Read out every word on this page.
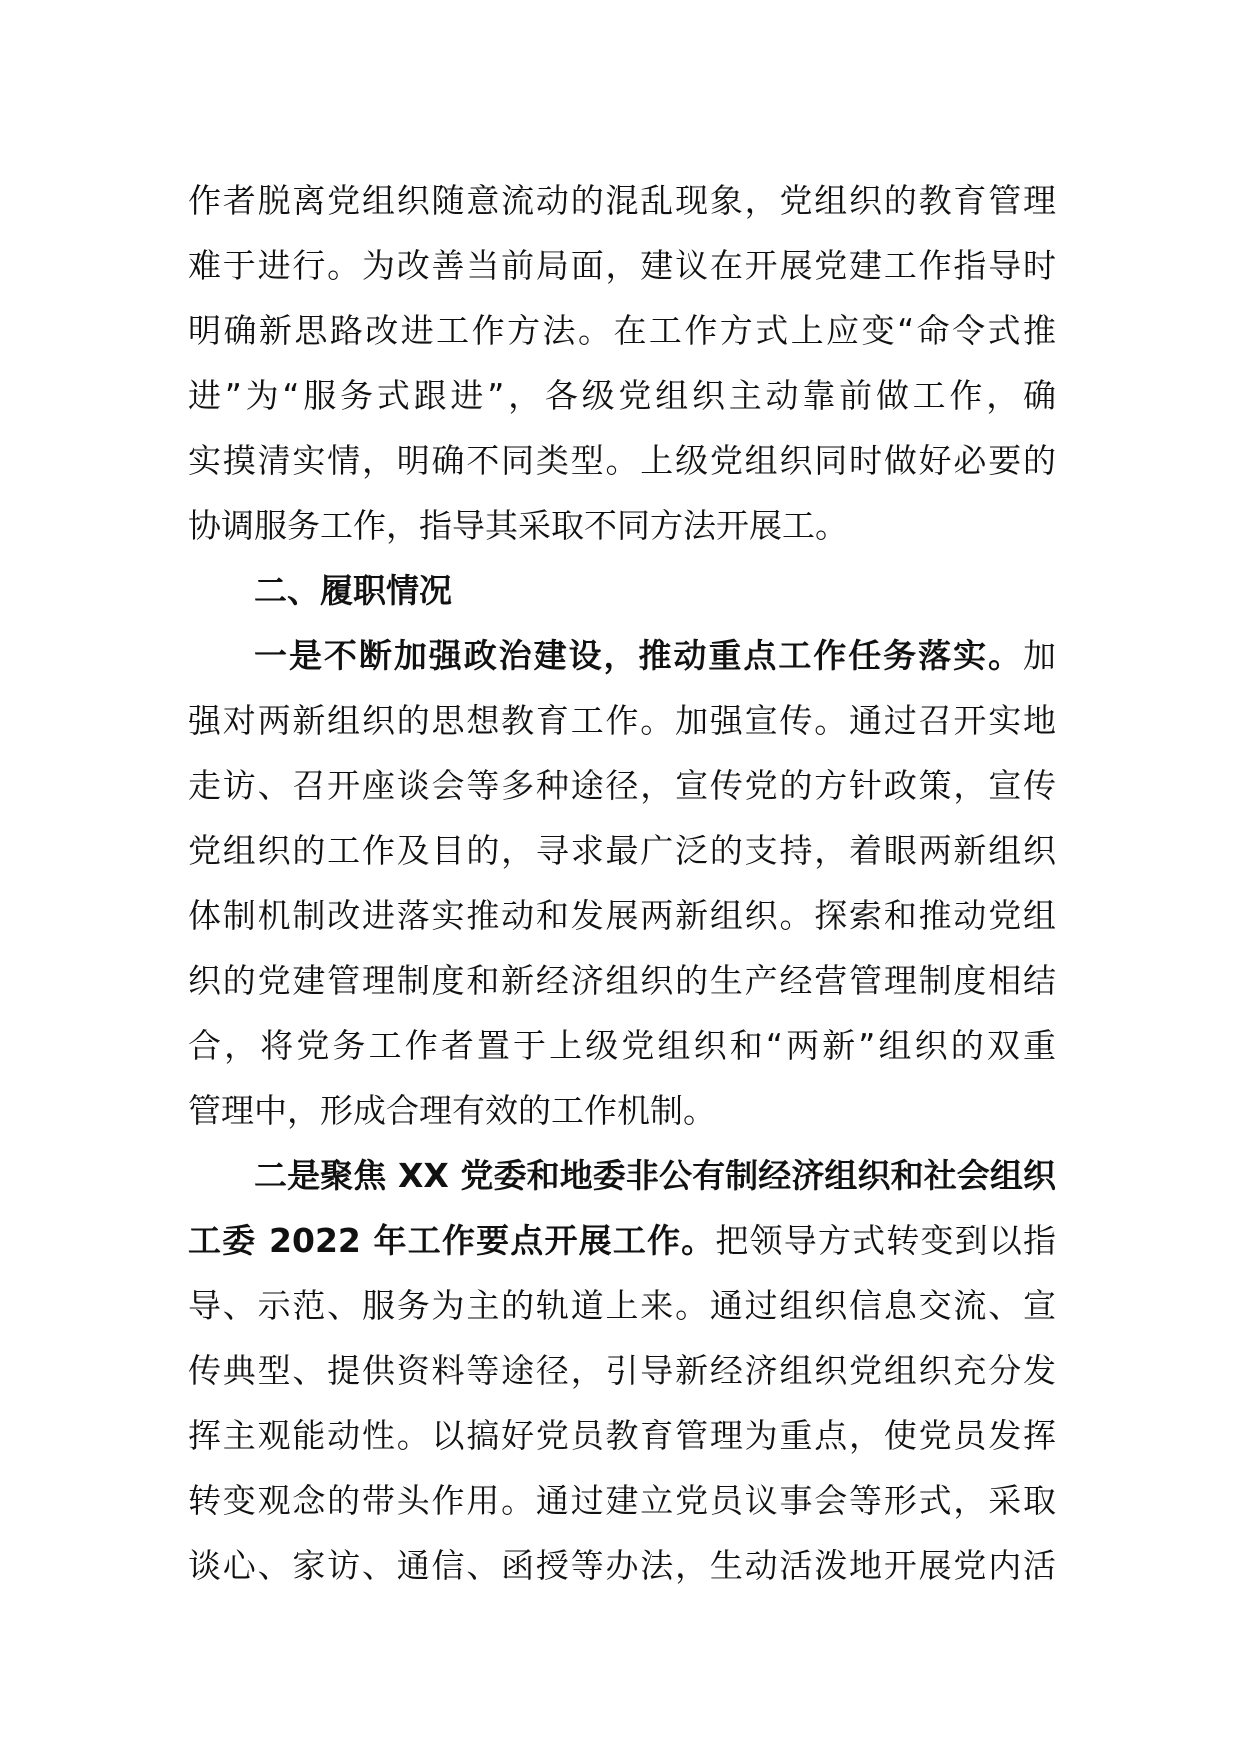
作者脱离党组织随意流动的混乱现象，党组织的教育管理
难于进行。为改善当前局面，建议在开展党建工作指导时
明确新思路改进工作方法。在工作方式上应变“命令式推
进”为“服务式跟进”，各级党组织主动靠前做工作，确
实摸清实情，明确不同类型。上级党组织同时做好必要的
协调服务工作，指导其采取不同方法开展工。
二、履职情况
一是不断加强政治建设，推动重点工作任务落实。加
强对两新组织的思想教育工作。加强宣传。通过召开实地
走访、召开座谈会等多种途径，宣传党的方针政策，宣传
党组织的工作及目的，寻求最广泛的支持，着眼两新组织
体制机制改进落实推动和发展两新组织。探索和推动党组
织的党建管理制度和新经济组织的生产经营管理制度相结
合，将党务工作者置于上级党组织和“两新”组织的双重
管理中，形成合理有效的工作机制。
二是聚焦 XX 党委和地委非公有制经济组织和社会组织
工委 2022 年工作要点开展工作。把领导方式转变到以指
导、示范、服务为主的轨道上来。通过组织信息交流、宣
传典型、提供资料等途径，引导新经济组织党组织充分发
挥主观能动性。以搞好党员教育管理为重点，使党员发挥
转变观念的带头作用。通过建立党员议事会等形式，采取
谈心、家访、通信、函授等办法，生动活泼地开展党内活
